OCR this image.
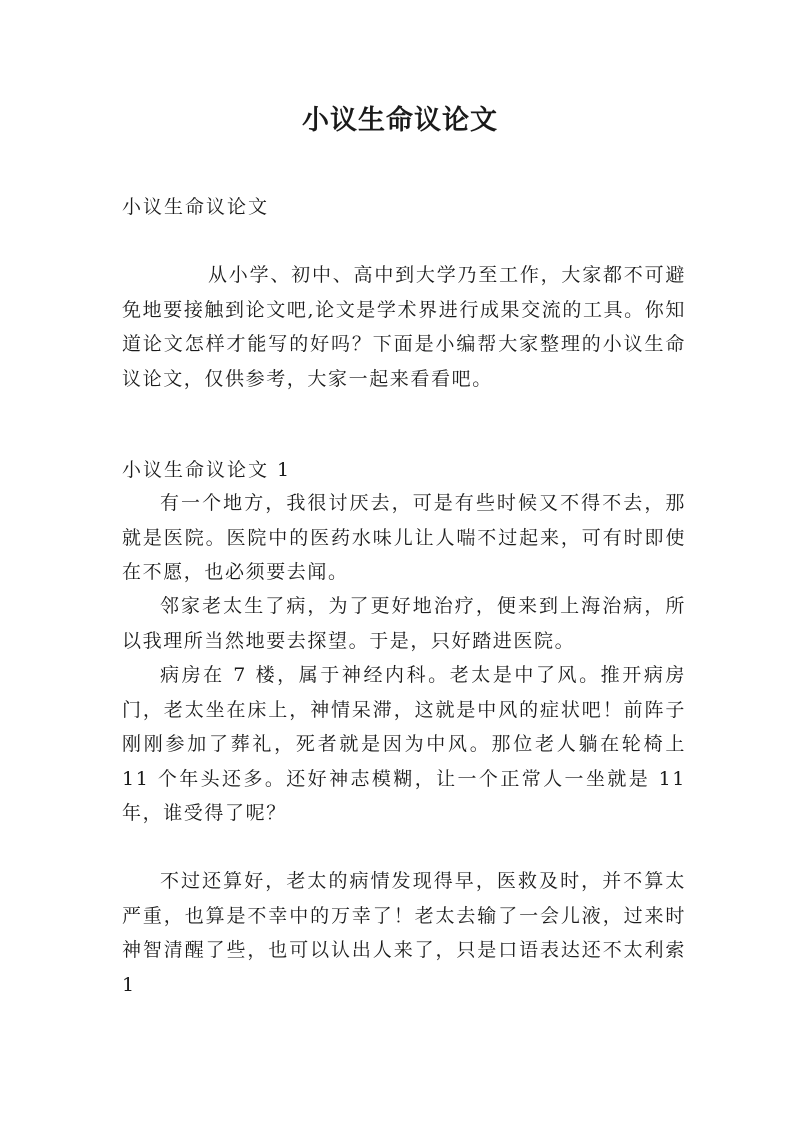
小议生命议论文

小议生命议论文

从小学、初中、高中到大学乃至工作，大家都不可避免地要接触到论文吧,论文是学术界进行成果交流的工具。你知道论文怎样才能写的好吗？下面是小编帮大家整理的小议生命议论文，仅供参考，大家一起来看看吧。

小议生命议论文 1

有一个地方，我很讨厌去，可是有些时候又不得不去，那就是医院。医院中的医药水味儿让人喘不过起来，可有时即使在不愿，也必须要去闻。

邻家老太生了病，为了更好地治疗，便来到上海治病，所以我理所当然地要去探望。于是，只好踏进医院。

病房在 7 楼，属于神经内科。老太是中了风。推开病房门，老太坐在床上，神情呆滞，这就是中风的症状吧！前阵子刚刚参加了葬礼，死者就是因为中风。那位老人躺在轮椅上 11 个年头还多。还好神志模糊，让一个正常人一坐就是 11 年，谁受得了呢？

不过还算好，老太的病情发现得早，医救及时，并不算太严重，也算是不幸中的万幸了！老太去输了一会儿液，过来时神智清醒了些，也可以认出人来了，只是口语表达还不太利索 1
